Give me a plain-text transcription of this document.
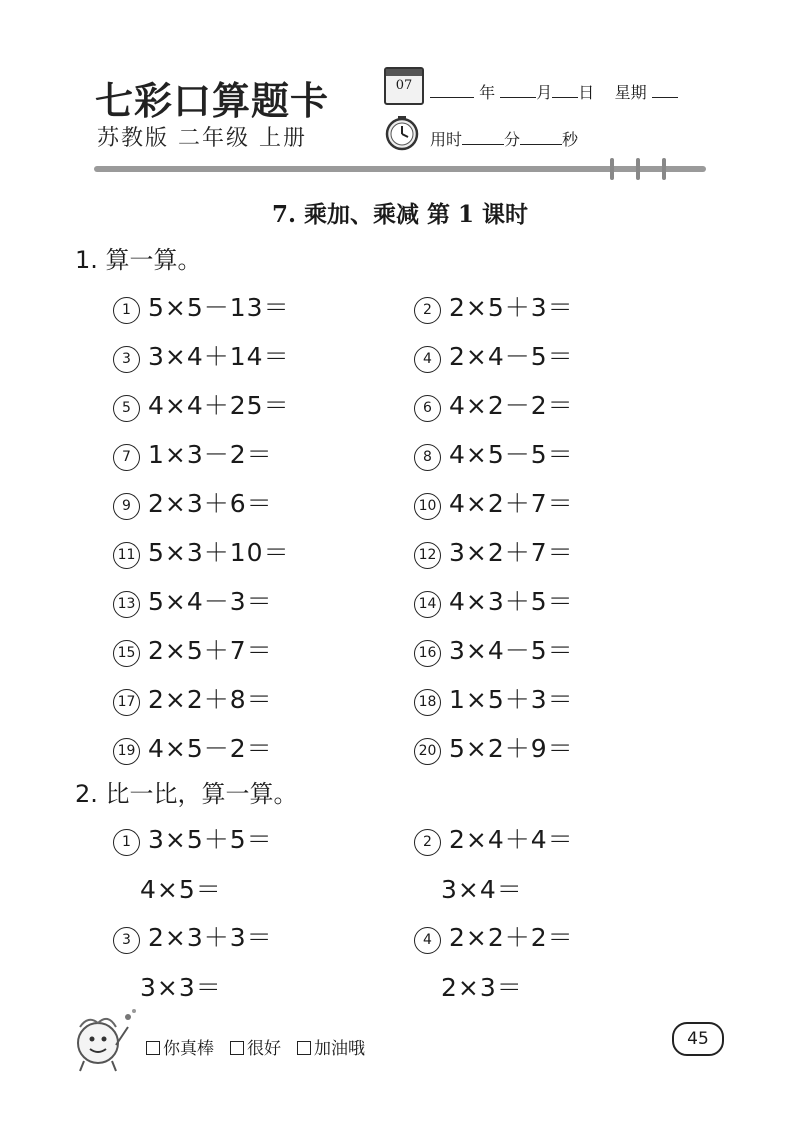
七彩口算题卡
苏教版 二年级 上册
07	年	月 日 星期
用时	分	秒
7. 乘加、乘减 第 1 课时
1. 算一算。
1 5×5－13＝	2 2×5＋3＝
3 3×4＋14＝	4 2×4－5＝
5 4×4＋25＝	6 4×2－2＝
7 1×3－2＝	8 4×5－5＝
9 2×3＋6＝	10 4×2＋7＝
11 5×3＋10＝	12 3×2＋7＝
13 5×4－3＝	14 4×3＋5＝
15 2×5＋7＝	16 3×4－5＝
17 2×2＋8＝	18 1×5＋3＝
19 4×5－2＝	20 5×2＋9＝
2. 比一比，算一算。
1 3×5＋5＝
4×5＝
2 2×4＋4＝
3×4＝
3 2×3＋3＝
3×3＝
4 2×2＋2＝
2×3＝
你真棒 很好 加油哦	45
